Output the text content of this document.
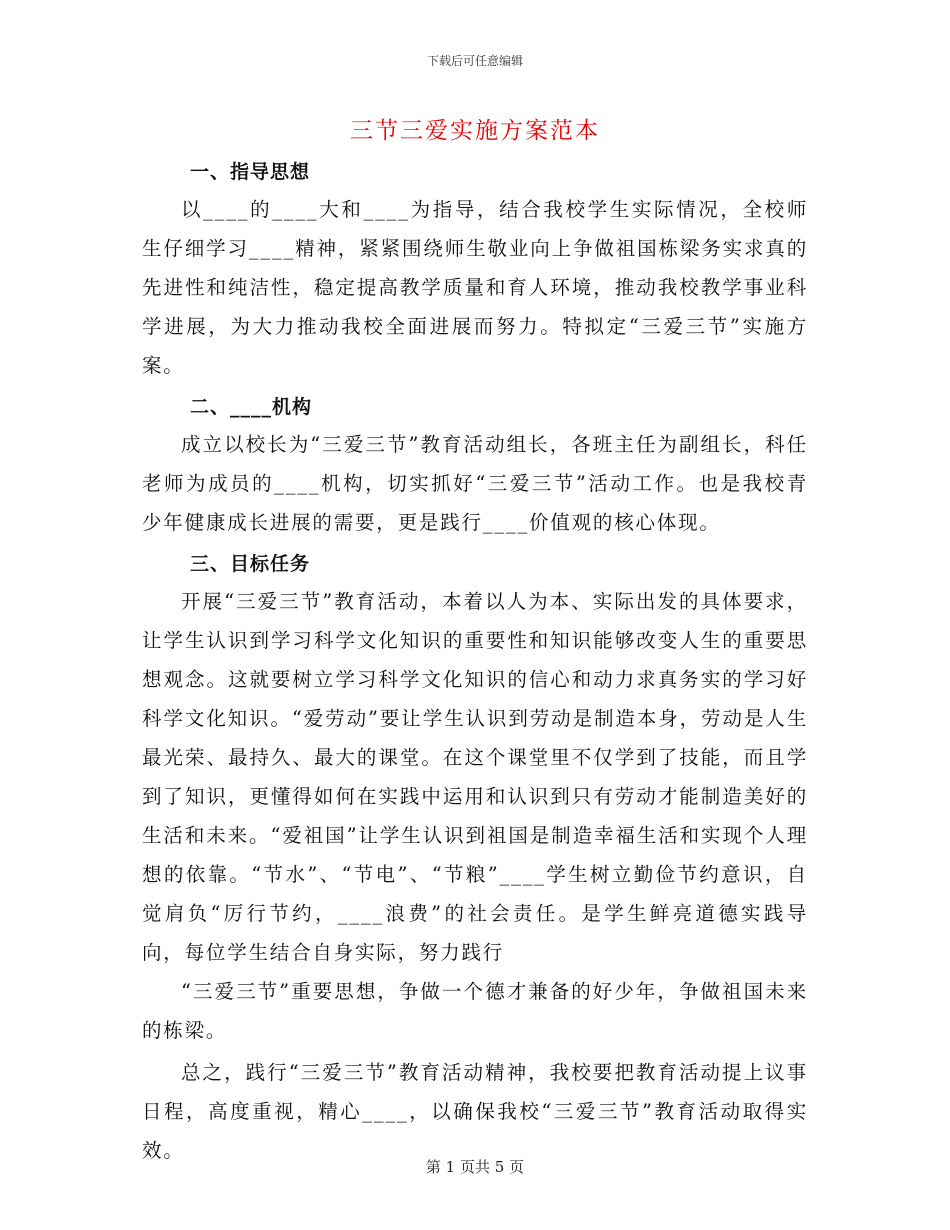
下载后可任意编辑
三节三爱实施方案范本
一、指导思想

以____的____大和____为指导，结合我校学生实际情况，全校师生仔细学习____精神，紧紧围绕师生敬业向上争做祖国栋梁务实求真的先进性和纯洁性，稳定提高教学质量和育人环境，推动我校教学事业科学进展，为大力推动我校全面进展而努力。特拟定“三爱三节”实施方案。

二、____机构

成立以校长为“三爱三节”教育活动组长，各班主任为副组长，科任老师为成员的____机构，切实抓好“三爱三节”活动工作。也是我校青少年健康成长进展的需要，更是践行____价值观的核心体现。

三、目标任务

开展“三爱三节”教育活动，本着以人为本、实际出发的具体要求，让学生认识到学习科学文化知识的重要性和知识能够改变人生的重要思想观念。这就要树立学习科学文化知识的信心和动力求真务实的学习好科学文化知识。“爱劳动”要让学生认识到劳动是制造本身，劳动是人生最光荣、最持久、最大的课堂。在这个课堂里不仅学到了技能，而且学到了知识，更懂得如何在实践中运用和认识到只有劳动才能制造美好的生活和未来。“爱祖国”让学生认识到祖国是制造幸福生活和实现个人理想的依靠。“节水”、“节电”、“节粮”____学生树立勤俭节约意识，自觉肩负“厉行节约，____浪费”的社会责任。是学生鲜亮道德实践导向，每位学生结合自身实际，努力践行

“三爱三节”重要思想，争做一个德才兼备的好少年，争做祖国未来的栋梁。

总之，践行“三爱三节”教育活动精神，我校要把教育活动提上议事日程，高度重视，精心____，以确保我校“三爱三节”教育活动取得实效。

第 1 页共 5 页
